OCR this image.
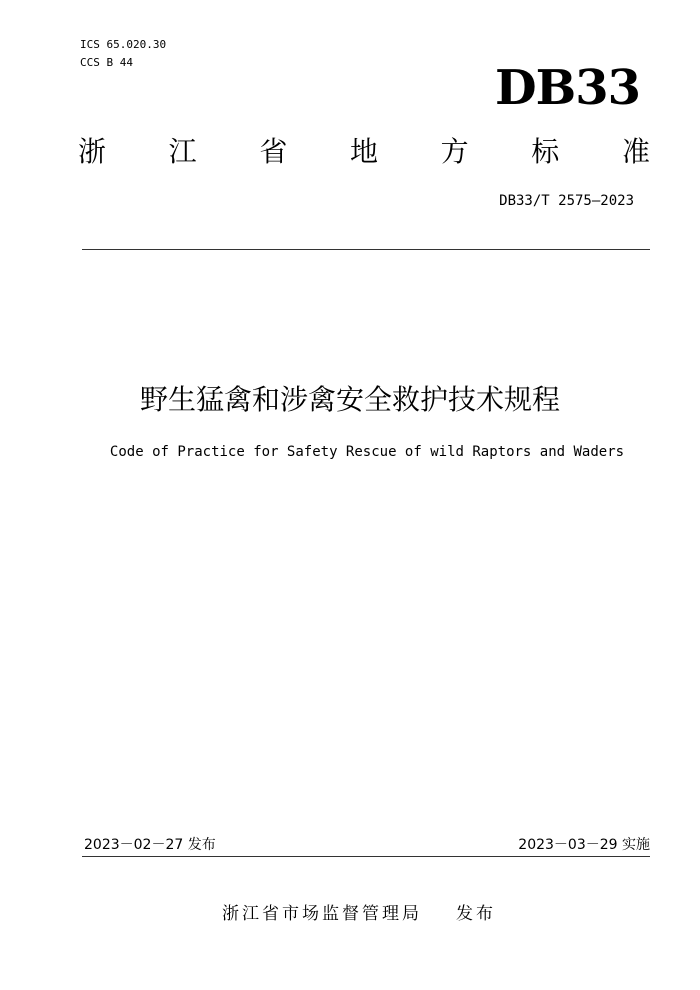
ICS 65.020.30
CCS B 44	DB33
浙 江 省 地 方 标 准
DB33/T 2575—2023
野生猛禽和涉禽安全救护技术规程
Code of Practice for Safety Rescue of wild Raptors and Waders
2023－02－27 发布	2023－03－29 实施
浙江省市场监督管理局 发布
